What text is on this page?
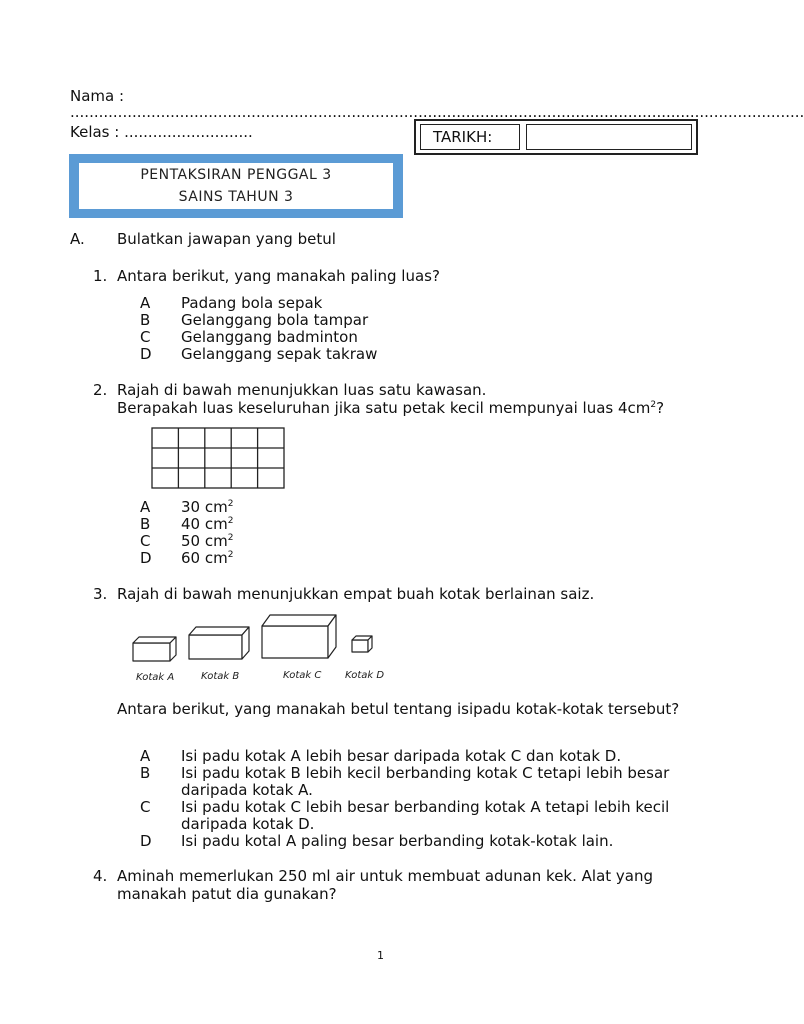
Nama :
..........................................................................................................................................................
Kelas : ...........................	TARIKH:
PENTAKSIRAN PENGGAL 3
SAINS TAHUN 3
A. Bulatkan jawapan yang betul
1. Antara berikut, yang manakah paling luas?
A Padang bola sepak
B Gelanggang bola tampar
C Gelanggang badminton
D Gelanggang sepak takraw
2. Rajah di bawah menunjukkan luas satu kawasan.
Berapakah luas keseluruhan jika satu petak kecil mempunyai luas $4cm^2$?
A 30 $cm^2$
B 40 $cm^2$
C 50 $cm^2$
D 60 $cm^2$
3. Rajah di bawah menunjukkan empat buah kotak berlainan saiz.
Kotak A	Kotak B	Kotak C Kotak D
Antara berikut, yang manakah betul tentang isipadu kotak-kotak tersebut?
A	Isi padu kotak A lebih besar daripada kotak C dan kotak D.
B	Isi padu kotak B lebih kecil berbanding kotak C tetapi lebih besar
daripada kotak A.
C	Isi padu kotak C lebih besar berbanding kotak A tetapi lebih kecil
daripada kotak D.
D	Isi padu kotal A paling besar berbanding kotak-kotak lain.
4. Aminah memerlukan 250 ml air untuk membuat adunan kek. Alat yang
manakah patut dia gunakan?
1
